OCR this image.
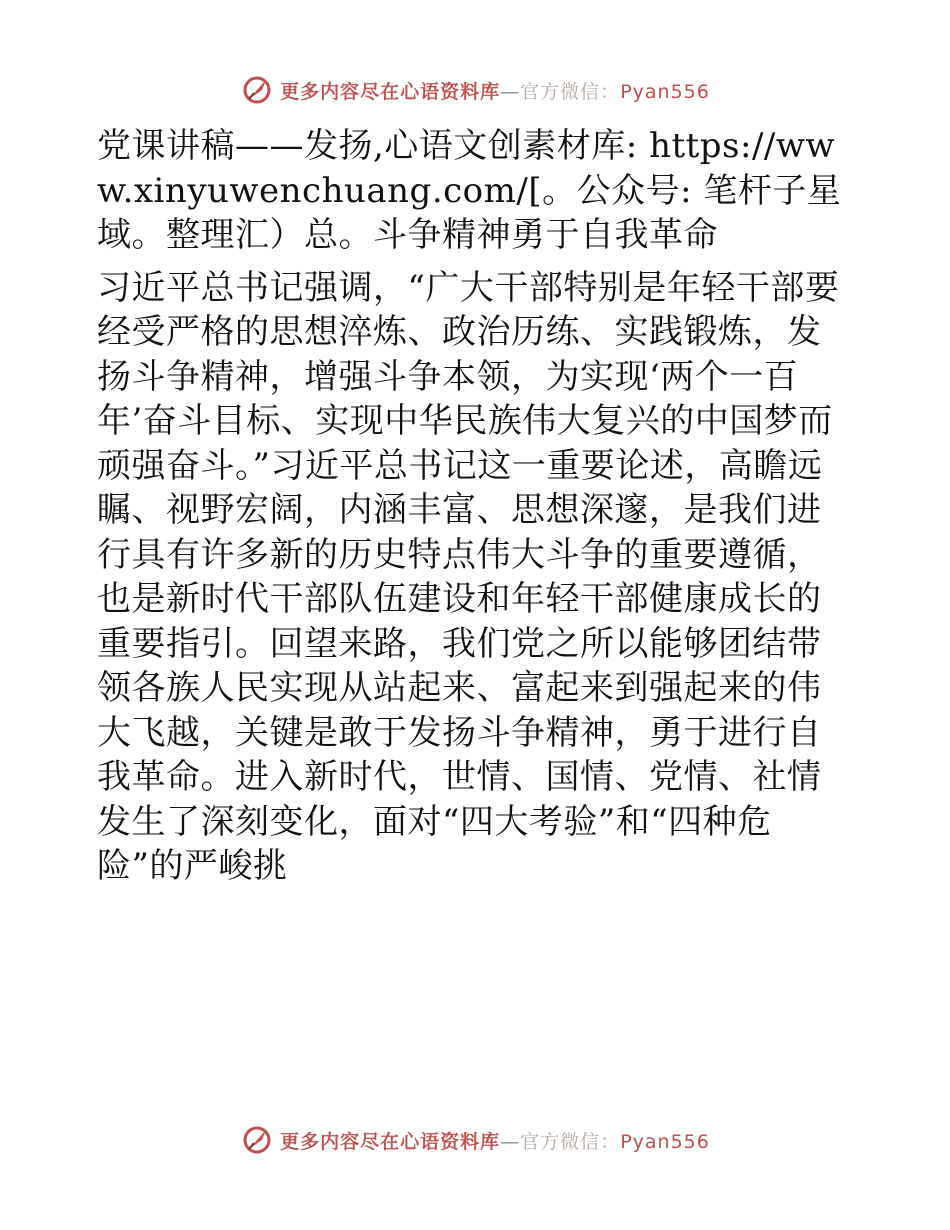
更多内容尽在心语资料库—官方微信：Pyan556

党课讲稿——发扬,心语文创素材库: https://www.xinyuwenchuang.com/[。公众号: 笔杆子星域。整理汇）总。斗争精神勇于自我革命

习近平总书记强调，“广大干部特别是年轻干部要经受严格的思想淬炼、政治历练、实践锻炼，发扬斗争精神，增强斗争本领，为实现‘两个一百年’奋斗目标、实现中华民族伟大复兴的中国梦而顽强奋斗。”习近平总书记这一重要论述，高瞻远瞩、视野宏阔，内涵丰富、思想深邃，是我们进行具有许多新的历史特点伟大斗争的重要遵循，也是新时代干部队伍建设和年轻干部健康成长的重要指引。回望来路，我们党之所以能够团结带领各族人民实现从站起来、富起来到强起来的伟大飞越，关键是敢于发扬斗争精神，勇于进行自我革命。进入新时代，世情、国情、党情、社情发生了深刻变化，面对“四大考验”和“四种危险”的严峻挑

更多内容尽在心语资料库—官方微信：Pyan556
